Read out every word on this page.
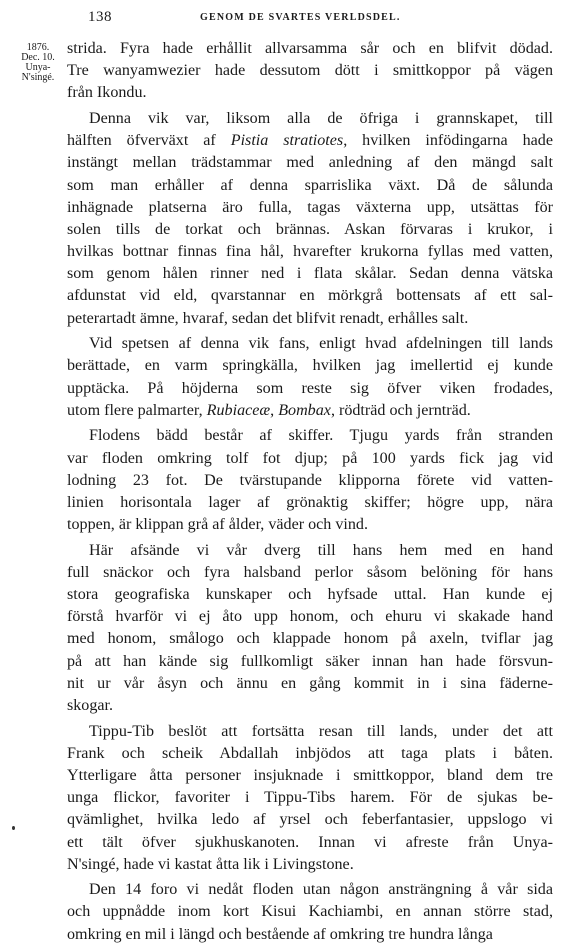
138	GENOM DE SVARTES VERLDSDEL.
1876.
Dec. 10.
Unya-
N'singé.
strida. Fyra hade erhållit allvarsamma sår och en blifvit dödad.
Tre wanyamwezier hade dessutom dött i smittkoppor på vägen
från Ikondu.
Denna vik var, liksom alla de öfriga i grannskapet, till
hälften öfverväxt af Pistia stratiotes, hvilken infödingarna hade
instängt mellan trädstammar med anledning af den mängd salt
som man erhåller af denna sparrislika växt. Då de sålunda
inhägnade platserna äro fulla, tagas växterna upp, utsättas för
solen tills de torkat och brännas. Askan förvaras i krukor, i
hvilkas bottnar finnas fina hål, hvarefter krukorna fyllas med vatten,
som genom hålen rinner ned i flata skålar. Sedan denna vätska
afdunstat vid eld, qvarstannar en mörkgrå bottensats af ett sal-
peterartadt ämne, hvaraf, sedan det blifvit renadt, erhålles salt.
Vid spetsen af denna vik fans, enligt hvad afdelningen till lands
berättade, en varm springkälla, hvilken jag imellertid ej kunde
upptäcka. På höjderna som reste sig öfver viken frodades,
utom flere palmarter, Rubiaceæ, Bombax, rödträd och jernträd.
Flodens bädd består af skiffer. Tjugu yards från stranden
var floden omkring tolf fot djup; på 100 yards fick jag vid
lodning 23 fot. De tvärstupande klipporna förete vid vatten-
linien horisontala lager af grönaktig skiffer; högre upp, nära
toppen, är klippan grå af ålder, väder och vind.
Här afsände vi vår dverg till hans hem med en hand
full snäckor och fyra halsband perlor såsom belöning för hans
stora geografiska kunskaper och hyfsade uttal. Han kunde ej
förstå hvarför vi ej åto upp honom, och ehuru vi skakade hand
med honom, smålogo och klappade honom på axeln, tviflar jag
på att han kände sig fullkomligt säker innan han hade försvun-
nit ur vår åsyn och ännu en gång kommit in i sina fäderne-
skogar.
Tippu-Tib beslöt att fortsätta resan till lands, under det att
Frank och scheik Abdallah inbjödos att taga plats i båten.
Ytterligare åtta personer insjuknade i smittkoppor, bland dem tre
unga flickor, favoriter i Tippu-Tibs harem. För de sjukas be-
qvämlighet, hvilka ledo af yrsel och feberfantasier, uppslogo vi
ett tält öfver sjukhuskanoten. Innan vi afreste från Unya-
N'singé, hade vi kastat åtta lik i Livingstone.
Den 14 foro vi nedåt floden utan någon ansträngning å vår sida
och uppnådde inom kort Kisui Kachiambi, en annan större stad,
omkring en mil i längd och bestående af omkring tre hundra långa
